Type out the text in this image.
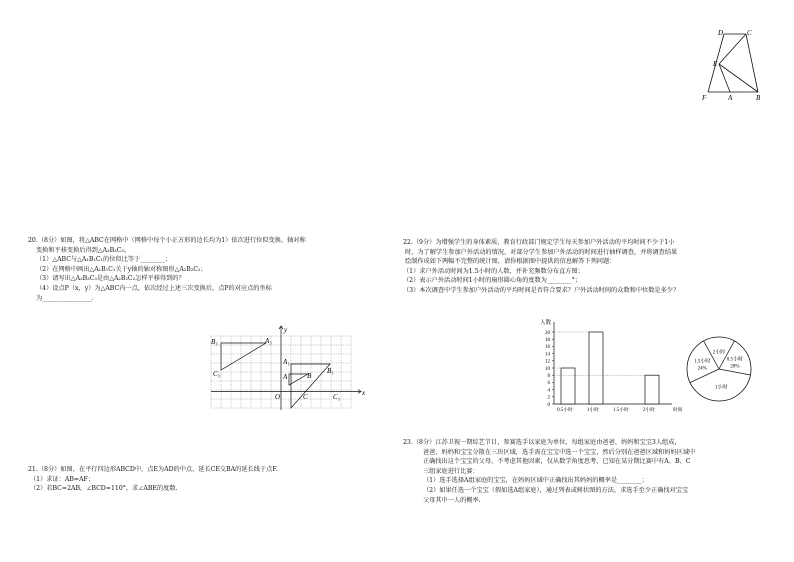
D	C
E
F	A	B
20.（8分）如图，将△ABC在网格中（网格中每个小正方形的边长均为1）依次进行位似变换、轴对称
变换和平移变换后得到△A₃B₃C₃。
（1）△ABC与△A₁B₁C₁的位似比等于________；
（2）在网格中画出△A₁B₁C₁关于y轴的轴对称图形△A₂B₂C₂；
（3）请写出△A₃B₃C₃是由△A₂B₂C₂怎样平移得到的？
（4）设点P（x，y）为△ABC内一点，依次经过上述三次变换后，点P的对应点的坐标
为________________.
B₃	A₃
C₃
y
A₁
A	B
B₁
O	C	C₁	x
21.（8分）如图，在平行四边形ABCD中，点E为AD的中点，延长CE交BA的延长线于点F.
（1）求证：AB=AF；
（2）若BC=2AB，∠BCD=110°，求∠ABE的度数.
22.（9分）为增强学生的身体素质，教育行政部门规定学生每天参加户外活动的平均时间不少于1小
时，为了解学生参加户外活动的情况，对部分学生参加户外活动的时间进行抽样调查，并将调查结果
绘制作成如下两幅不完整的统计图，请你根据图中提供的信息解答下列问题：
（1）求户外活动时间为1.5小时的人数，并补充频数分布直方图；
（2）表示户外活动时间1小时的扇形圆心角的度数为________°；
（3）本次调查中学生参加户外活动的平均时间是否符合要求？户外活动时间的众数和中位数是多少？
人数
0
2
4
6
8
10
12
14
16
18
20
0.5小时	1小时	1.5小时	2小时	时间
2小时
0.5小时
20%
1小时
1.5小时
24%
23.（8分）江苏卫视一期综艺节目，参赛选手以家庭为单位，每组家庭由爸爸、妈妈和宝宝3人组成，
爸爸、妈妈和宝宝分散在三块区域，选手需在宝宝中选一个宝宝，然后分别在爸爸区域和妈妈区域中
正确找出这个宝宝的父母，不考虑其他因素，仅从数学角度思考，已知在某分期比赛中有A、B、C
三组家庭进行比赛：
（1）选手选择A组家庭的宝宝，在妈妈区域中正确找出其妈妈的概率是________；
（2）如果任选一个宝宝（假如选A组家庭），通过列表或树状图的方法，求选手至少正确找对宝宝
父母其中一人的概率.
